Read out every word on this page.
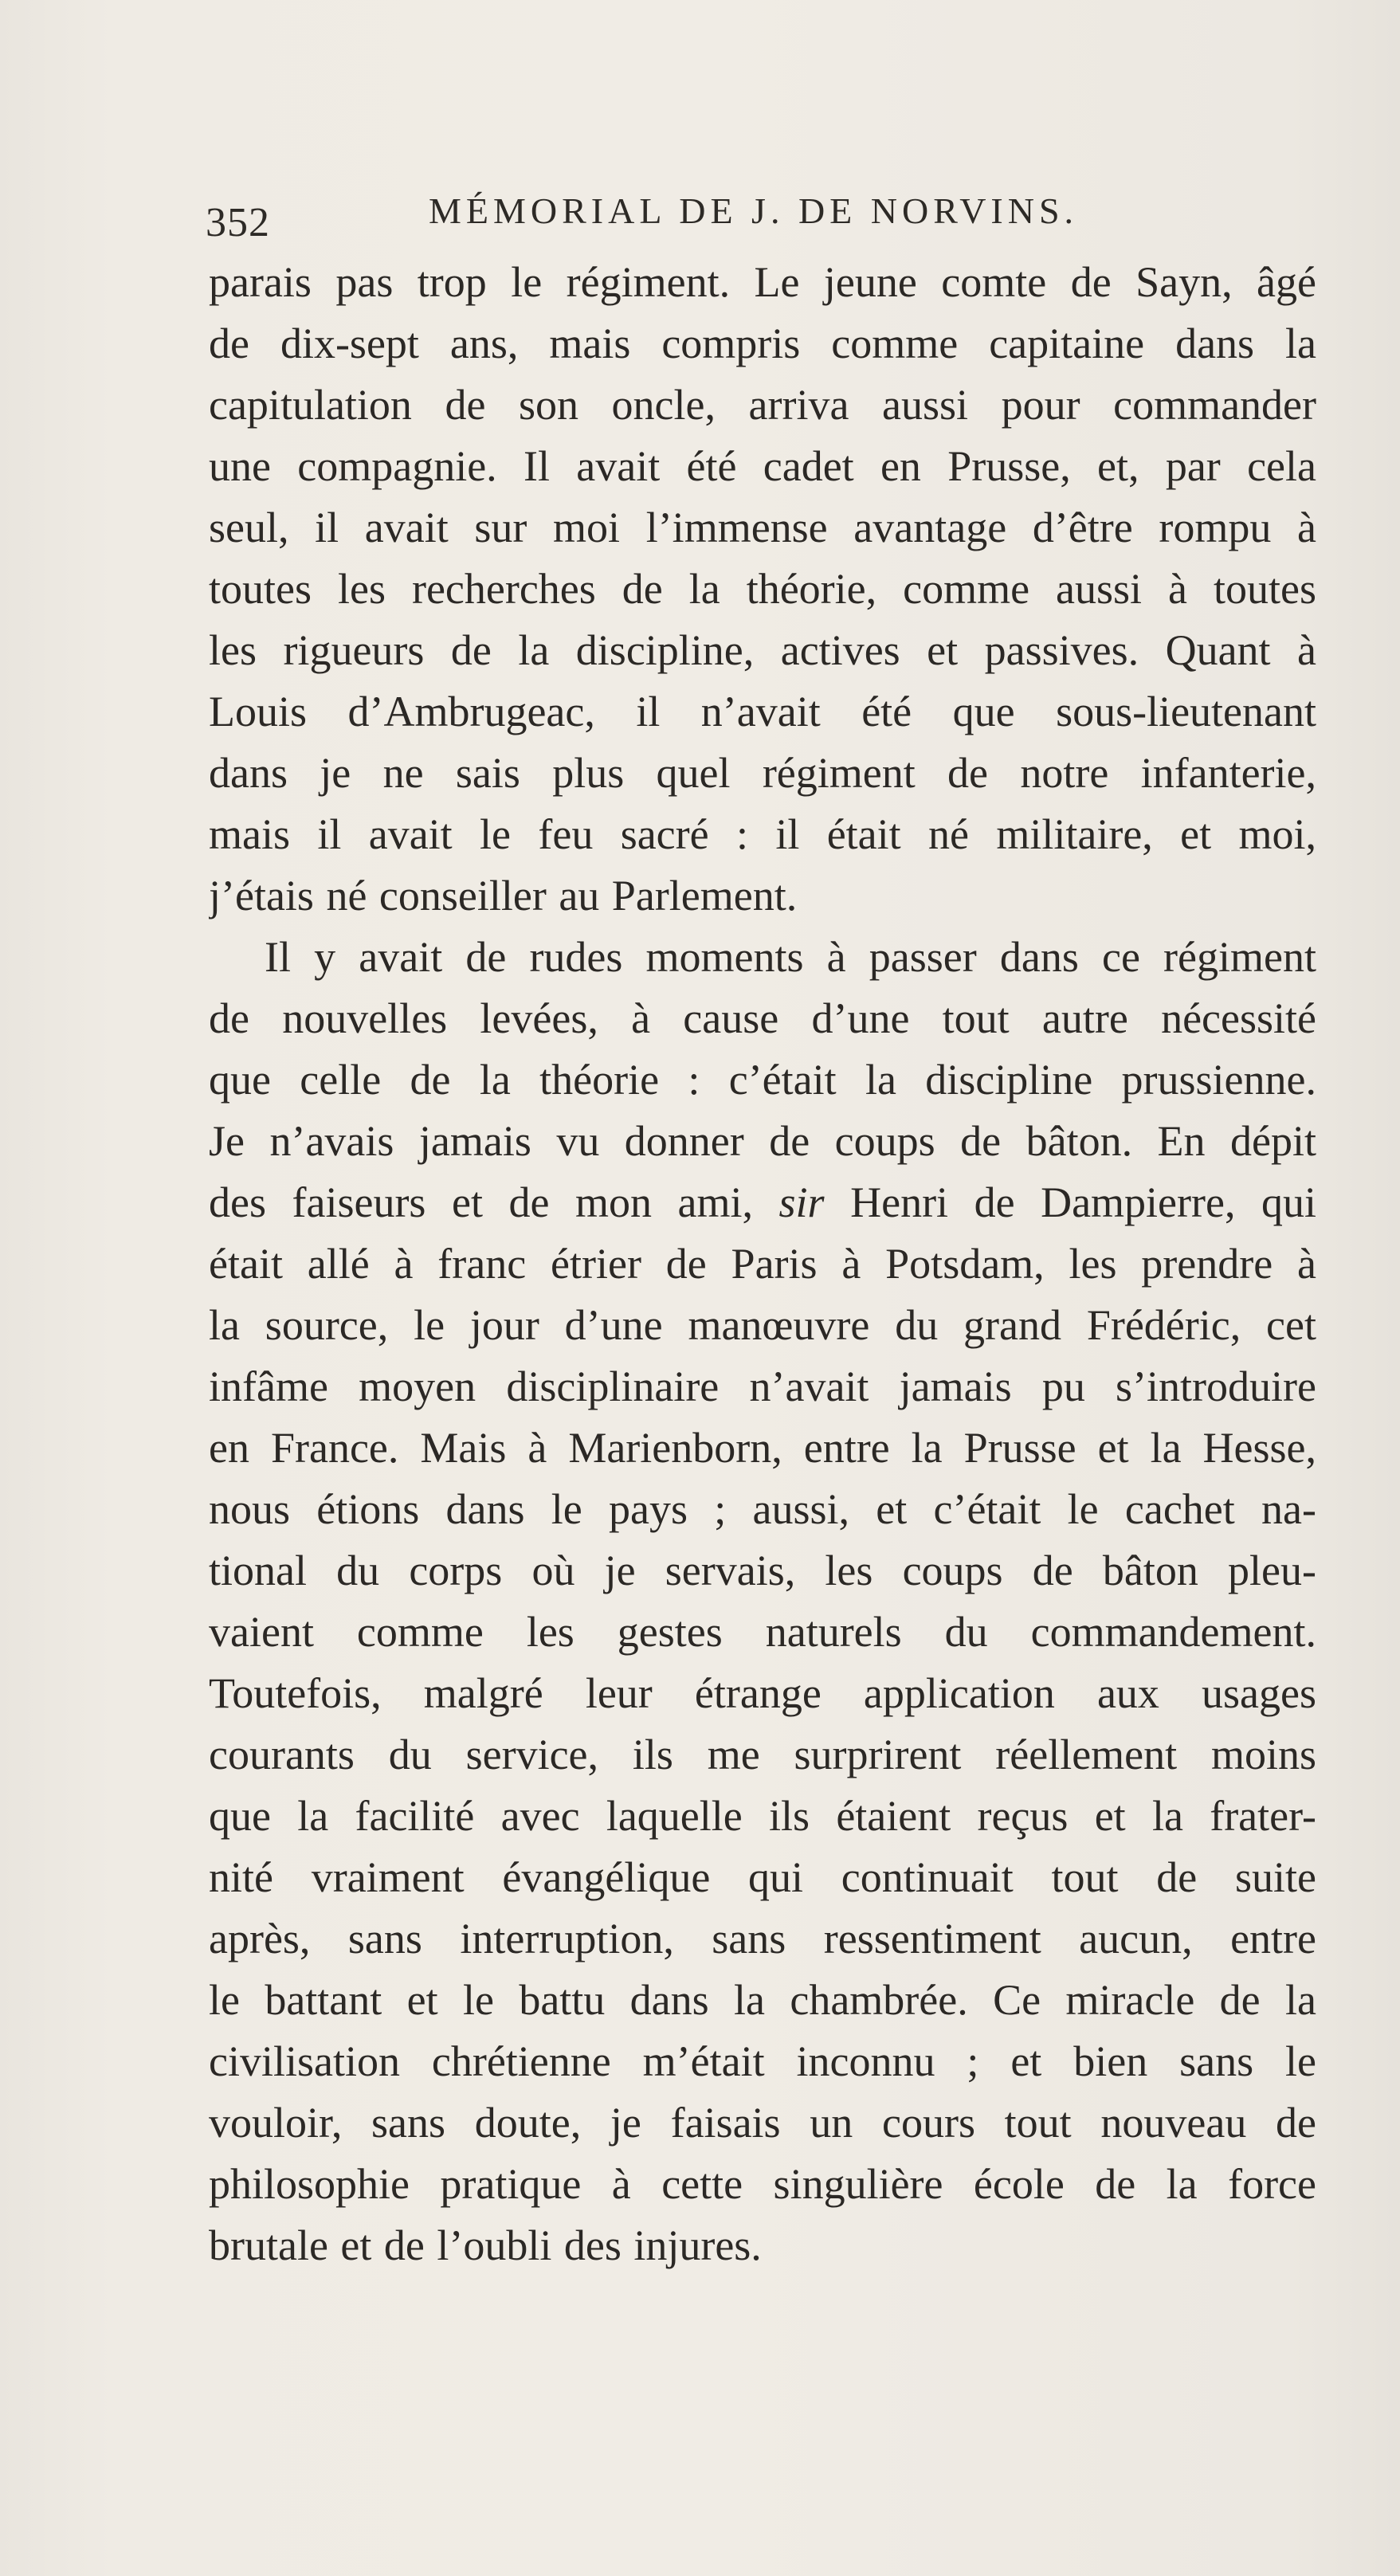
352	MÉMORIAL DE J. DE NORVINS.
parais pas trop le régiment. Le jeune comte de Sayn, âgé
de dix-sept ans, mais compris comme capitaine dans la
capitulation de son oncle, arriva aussi pour commander
une compagnie. Il avait été cadet en Prusse, et, par cela
seul, il avait sur moi l’immense avantage d’être rompu à
toutes les recherches de la théorie, comme aussi à toutes
les rigueurs de la discipline, actives et passives. Quant à
Louis d’Ambrugeac, il n’avait été que sous-lieutenant
dans je ne sais plus quel régiment de notre infanterie,
mais il avait le feu sacré : il était né militaire, et moi,
j’étais né conseiller au Parlement.
Il y avait de rudes moments à passer dans ce régiment
de nouvelles levées, à cause d’une tout autre nécessité
que celle de la théorie : c’était la discipline prussienne.
Je n’avais jamais vu donner de coups de bâton. En dépit
des faiseurs et de mon ami, sir Henri de Dampierre, qui
était allé à franc étrier de Paris à Potsdam, les prendre à
la source, le jour d’une manœuvre du grand Frédéric, cet
infâme moyen disciplinaire n’avait jamais pu s’introduire
en France. Mais à Marienborn, entre la Prusse et la Hesse,
nous étions dans le pays ; aussi, et c’était le cachet na-
tional du corps où je servais, les coups de bâton pleu-
vaient comme les gestes naturels du commandement.
Toutefois, malgré leur étrange application aux usages
courants du service, ils me surprirent réellement moins
que la facilité avec laquelle ils étaient reçus et la frater-
nité vraiment évangélique qui continuait tout de suite
après, sans interruption, sans ressentiment aucun, entre
le battant et le battu dans la chambrée. Ce miracle de la
civilisation chrétienne m’était inconnu ; et bien sans le
vouloir, sans doute, je faisais un cours tout nouveau de
philosophie pratique à cette singulière école de la force
brutale et de l’oubli des injures.
